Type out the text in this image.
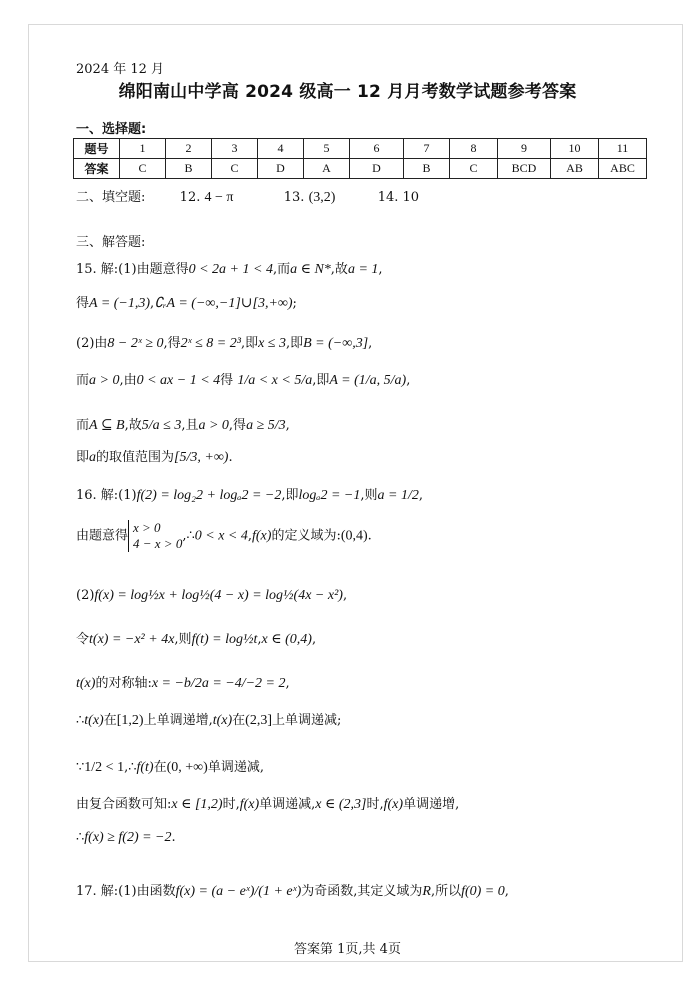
2024 年 12 月
绵阳南山中学高 2024 级高一 12 月月考数学试题参考答案
一、选择题:
题号	1	2	3	4	5	6	7	8	9	10	11
答案	C	B	C	D	A	D	B	C	BCD	AB	ABC
二、填空题:	12. 4 − π	13. (3,2)	14. 10
三、解答题:
15. 解:(1)由题意得0 < 2a + 1 < 4,而a ∈ N*,故a = 1,
得A = (−1,3),∁ᵣA = (−∞,−1]∪[3,+∞);
(2)由8 − 2ˣ ≥ 0,得2ˣ ≤ 8 = 2³,即x ≤ 3,即B = (−∞,3],
而a > 0,由0 < ax − 1 < 4得 1/a < x < 5/a,即A = (1/a, 5/a),
而A ⊆ B,故5/a ≤ 3,且a > 0,得a ≥ 5/3,
即a的取值范围为[5/3, +∞).
16. 解:(1)f(2) = log₂2 + logₐ2 = −2,即logₐ2 = −1,则a = 1/2,
由题意得
x > 0
4 − x > 0 ,∴0 < x < 4,f(x)的定义域为:(0,4).
(2)f(x) = log½x + log½(4 − x) = log½(4x − x²),
令t(x) = −x² + 4x,则f(t) = log½t,x ∈ (0,4),
t(x)的对称轴:x = −b/2a = −4/−2 = 2,
∴t(x)在[1,2)上单调递增,t(x)在(2,3]上单调递减;
∵1/2 < 1,∴f(t)在(0, +∞)单调递减,
由复合函数可知:x ∈ [1,2)时,f(x)单调递减,x ∈ (2,3]时,f(x)单调递增,
∴f(x) ≥ f(2) = −2.
17. 解:(1)由函数f(x) = (a − eˣ)/(1 + eˣ)为奇函数,其定义域为R,所以f(0) = 0,
答案第 1页,共 4页
